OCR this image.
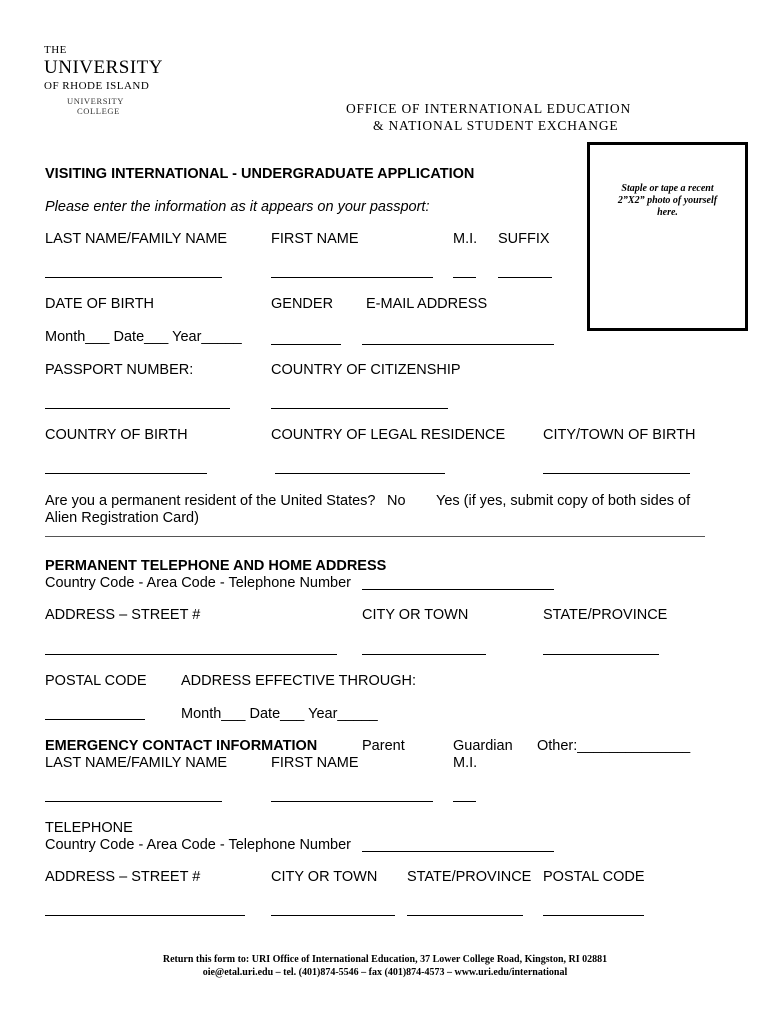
THE
UNIVERSITY
OF RHODE ISLAND
UNIVERSITY
COLLEGE	OFFICE OF INTERNATIONAL EDUCATION
& NATIONAL STUDENT EXCHANGE
Staple or tape a recent 2”X2” photo of yourself here.
VISITING INTERNATIONAL - UNDERGRADUATE APPLICATION
Please enter the information as it appears on your passport:
LAST NAME/FAMILY NAME	FIRST NAME	M.I. SUFFIX
DATE OF BIRTH	GENDER E-MAIL ADDRESS
Month___ Date___ Year_____
PASSPORT NUMBER:	COUNTRY OF CITIZENSHIP
COUNTRY OF BIRTH	COUNTRY OF LEGAL RESIDENCE	CITY/TOWN OF BIRTH
Are you a permanent resident of the United States? No Yes (if yes, submit copy of both sides of
Alien Registration Card)
PERMANENT TELEPHONE AND HOME ADDRESS
Country Code - Area Code - Telephone Number
ADDRESS – STREET #	CITY OR TOWN	STATE/PROVINCE
POSTAL CODE ADDRESS EFFECTIVE THROUGH:
Month___ Date___ Year_____
EMERGENCY CONTACT INFORMATION	Parent	Guardian Other:______________
LAST NAME/FAMILY NAME	FIRST NAME	M.I.
TELEPHONE
Country Code - Area Code - Telephone Number
ADDRESS – STREET #	CITY OR TOWN STATE/PROVINCE POSTAL CODE
Return this form to: URI Office of International Education, 37 Lower College Road, Kingston, RI 02881
oie@etal.uri.edu – tel. (401)874-5546 – fax (401)874-4573 – www.uri.edu/international
